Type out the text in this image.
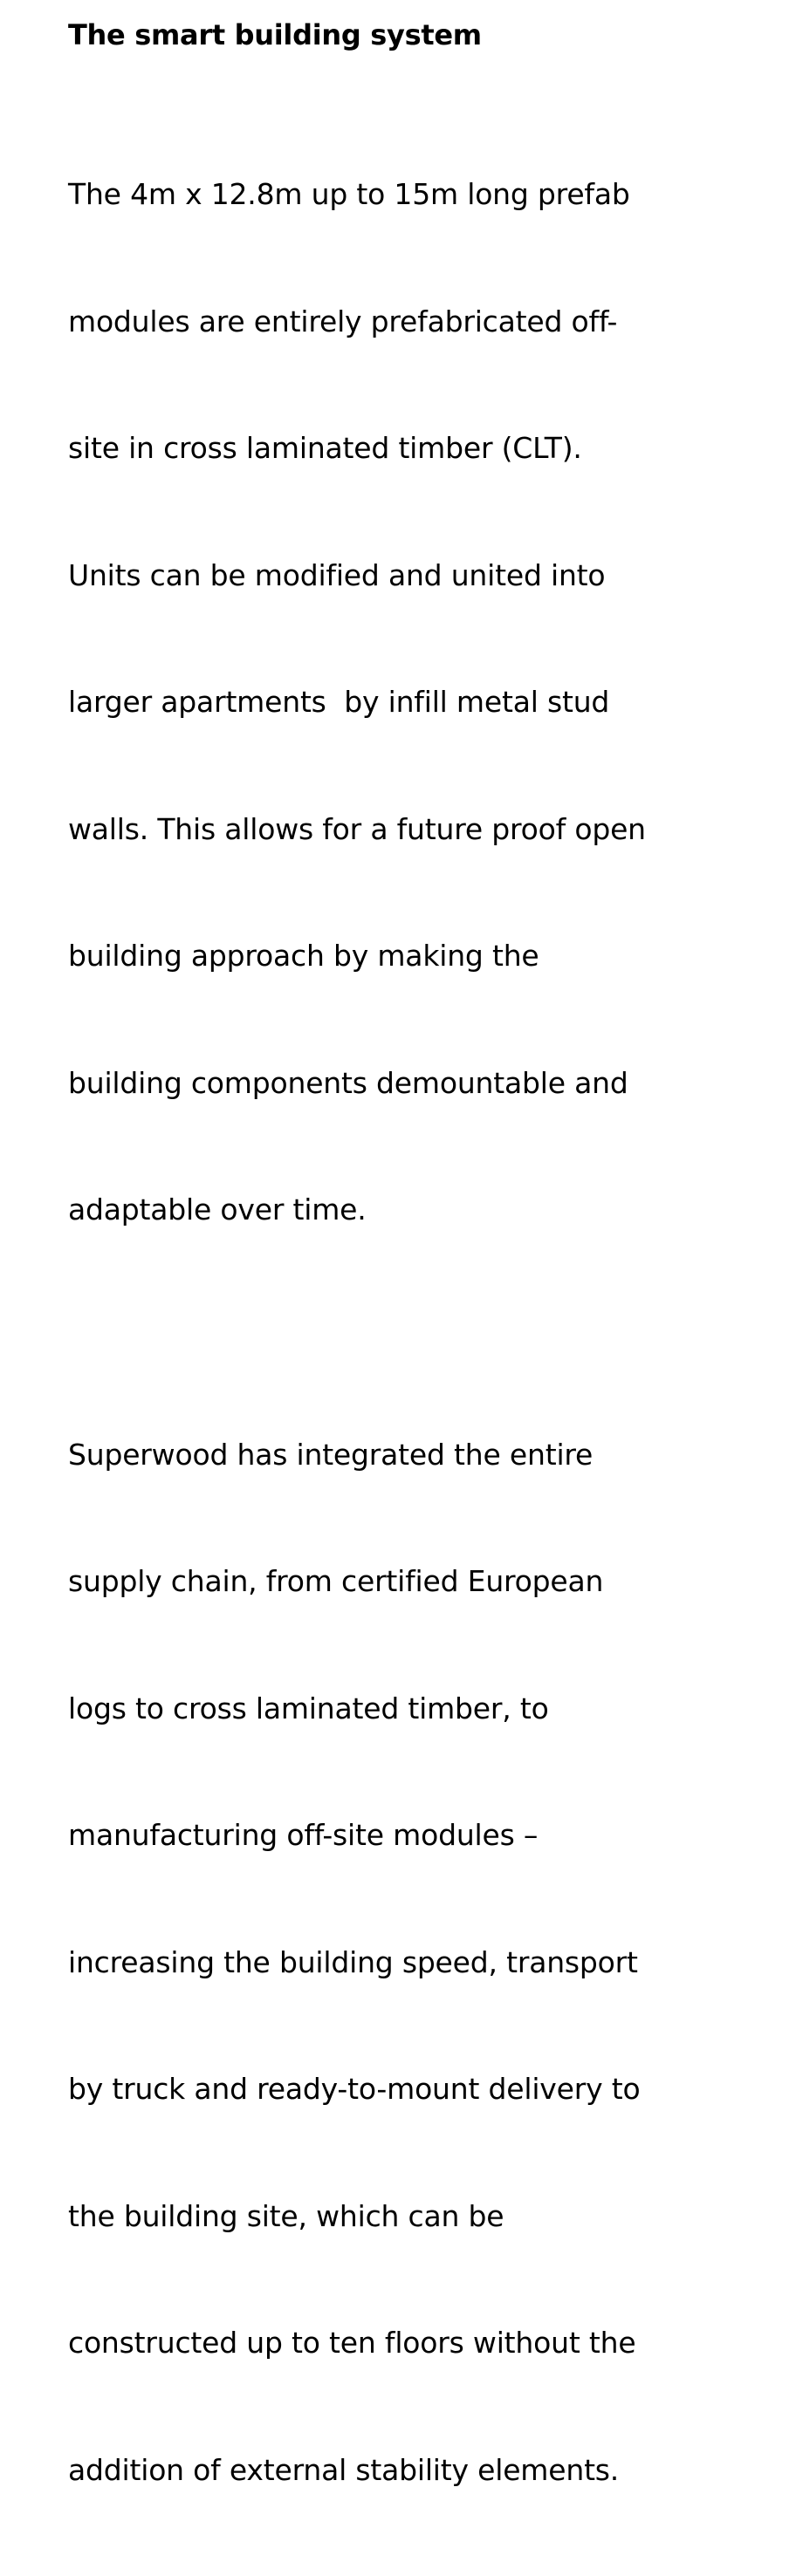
The smart building system

The 4m x 12.8m up to 15m long prefab

modules are entirely prefabricated off-

site in cross laminated timber (CLT).

Units can be modified and united into

larger apartments  by infill metal stud

walls. This allows for a future proof open

building approach by making the

building components demountable and

adaptable over time.

Superwood has integrated the entire

supply chain, from certified European

logs to cross laminated timber, to

manufacturing off-site modules –

increasing the building speed, transport

by truck and ready-to-mount delivery to

the building site, which can be

constructed up to ten floors without the

addition of external stability elements.
